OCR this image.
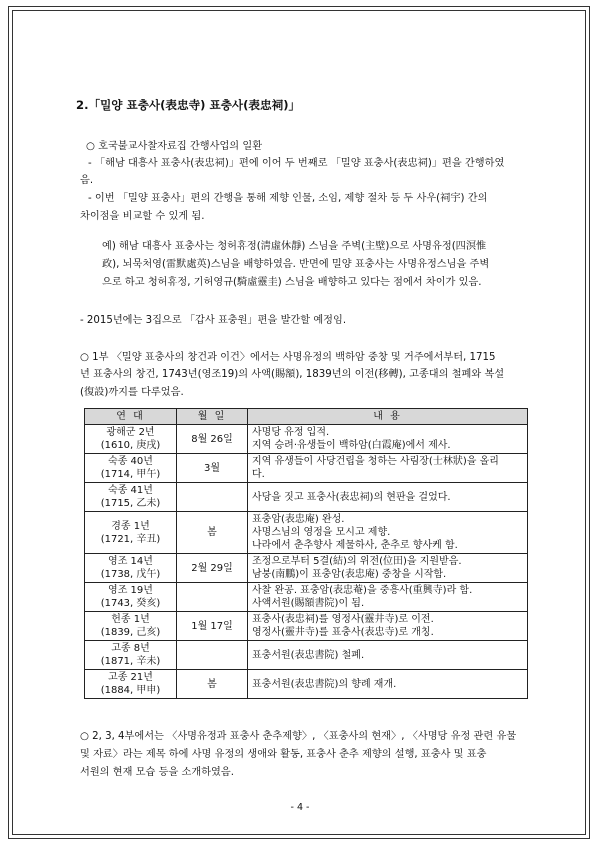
2.「밀양 표충사(表忠寺) 표충사(表忠祠)」
○ 호국불교사찰자료집 간행사업의 일환
- 「해남 대흥사 표충사(表忠祠)」편에 이어 두 번째로 「밀양 표충사(表忠祠)」편을 간행하였
음.
- 이번 「밀양 표충사」편의 간행을 통해 제향 인물, 소임, 제향 절차 등 두 사우(祠宇) 간의
차이점을 비교할 수 있게 됨.
예) 해남 대흥사 표충사는 청허휴정(淸虛休靜) 스님을 주벽(主壁)으로 사명유정(四溟惟
政), 뇌묵처영(雷默處英)스님을 배향하였음. 반면에 밀양 표충사는 사명유정스님을 주벽
으로 하고 청허휴정, 기허영규(騎虛靈圭) 스님을 배향하고 있다는 점에서 차이가 있음.
- 2015년에는 3집으로 「갑사 표충원」편을 발간할 예정임.
○ 1부 〈밀양 표충사의 창건과 이건〉에서는 사명유정의 백하암 중창 및 거주에서부터, 1715
년 표충사의 창건, 1743년(영조19)의 사액(賜額), 1839년의 이전(移轉), 고종대의 철폐와 복설
(復設)까지를 다루었음.
연 대	월 일	내 용

광해군 2년
(1610, 庚戌)	8월 26일	사명당 유정 입적.
지역 승려·유생들이 백하암(白霞庵)에서 제사.

숙종 40년
(1714, 甲午)	3월	지역 유생들이 사당건립을 청하는 사림장(士林狀)을 올리
다.

숙종 41년
(1715, 乙未)		사당을 짓고 표충사(表忠祠)의 현판을 걸었다.

경종 1년
(1721, 辛丑)	봄	표충암(表忠庵) 완성.
사명스님의 영정을 모시고 제향.
나라에서 춘추향사 제물하사, 춘추로 향사케 함.

영조 14년
(1738, 戊午)	2월 29일	조정으로부터 5결(結)의 위전(位田)을 지원받음.
남붕(南鵬)이 표충암(表忠庵) 중창을 시작함.

영조 19년
(1743, 癸亥)		사찰 완공. 표충암(表忠菴)을 중흥사(重興寺)라 함.
사액서원(賜額書院)이 됨.

헌종 1년
(1839, 己亥)	1월 17일	표충사(表忠祠)를 영정사(靈井寺)로 이전.
영정사(靈井寺)를 표충사(表忠寺)로 개칭.

고종 8년
(1871, 辛未)		표충서원(表忠書院) 철폐.

고종 21년
(1884, 甲申)	봄	표충서원(表忠書院)의 향례 재개.
○ 2, 3, 4부에서는 〈사명유정과 표충사 춘추제향〉, 〈표충사의 현재〉, 〈사명당 유정 관련 유물
및 자료〉라는 제목 하에 사명 유정의 생애와 활동, 표충사 춘추 제향의 설행, 표충사 및 표충
서원의 현재 모습 등을 소개하였음.
- 4 -
